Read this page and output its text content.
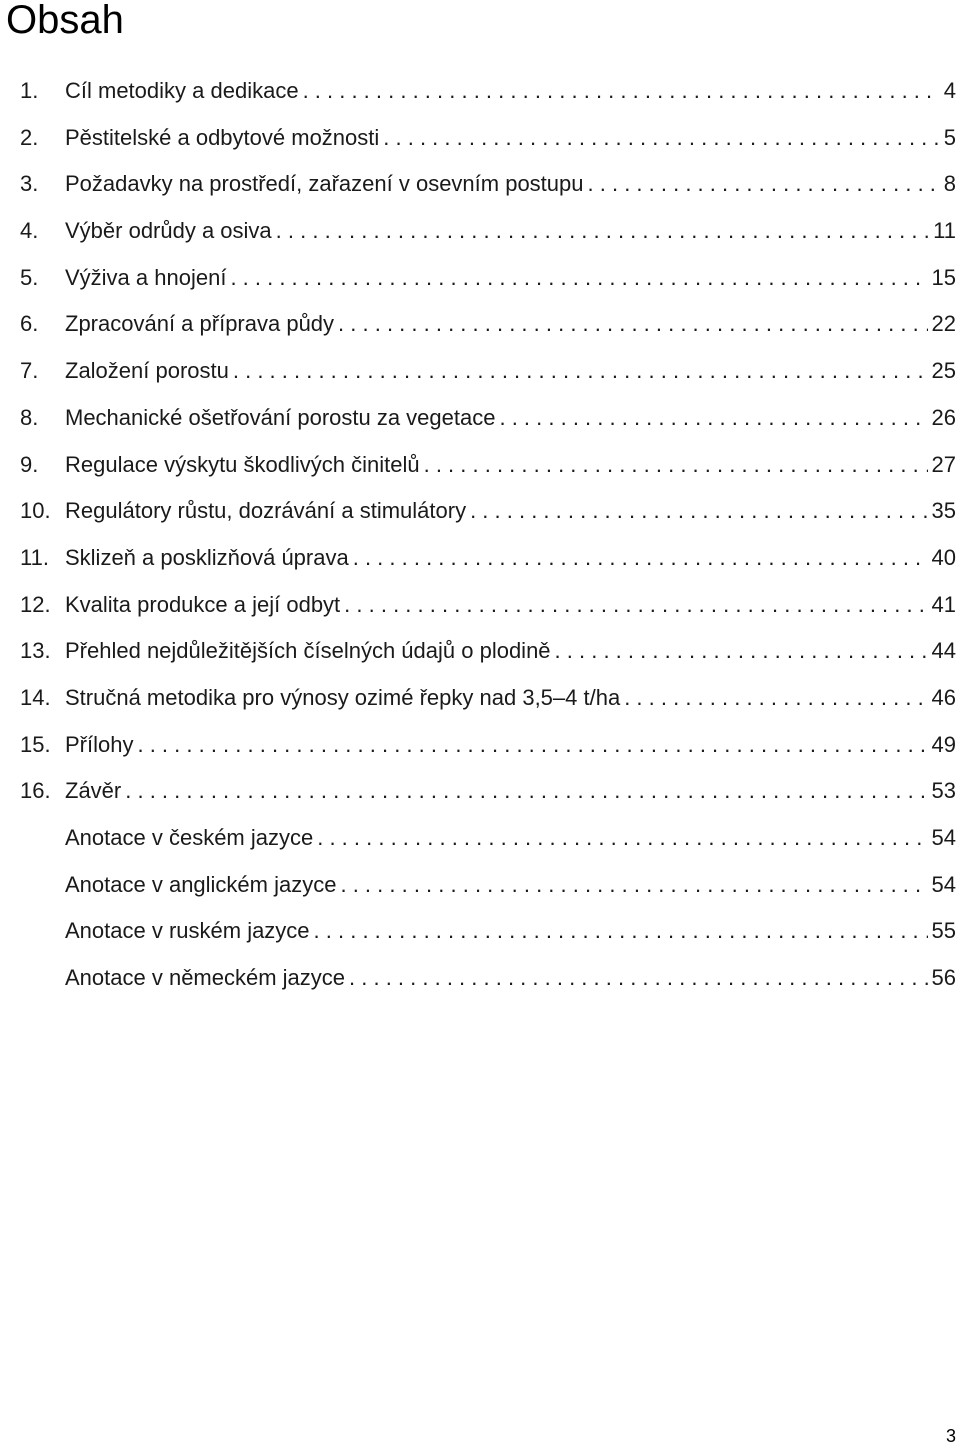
Obsah
1.	Cíl metodiky a dedikace . . .	4
2.	Pěstitelské a odbytové možnosti . . .	5
3.	Požadavky na prostředí, zařazení v osevním postupu . . .	8
4.	Výběr odrůdy a osiva . . .	11
5.	Výživa a hnojení . . .	15
6.	Zpracování a příprava půdy . . .	22
7.	Založení porostu . . .	25
8.	Mechanické ošetřování porostu za vegetace . . .	26
9.	Regulace výskytu škodlivých činitelů . . .	27
10. Regulátory růstu, dozrávání a stimulátory . . .	35
11. Sklizeň a posklizňová úprava . . .	40
12. Kvalita produkce a její odbyt . . .	41
13. Přehled nejdůležitějších číselných údajů o plodině . . .	44
14. Stručná metodika pro výnosy ozimé řepky nad 3,5–4 t/ha . . .	46
15. Přílohy . . .	49
16. Závěr . . .	53
Anotace v českém jazyce . . .	54
Anotace v anglickém jazyce . . .	54
Anotace v ruském jazyce . . .	55
Anotace v německém jazyce . . .	56
3
